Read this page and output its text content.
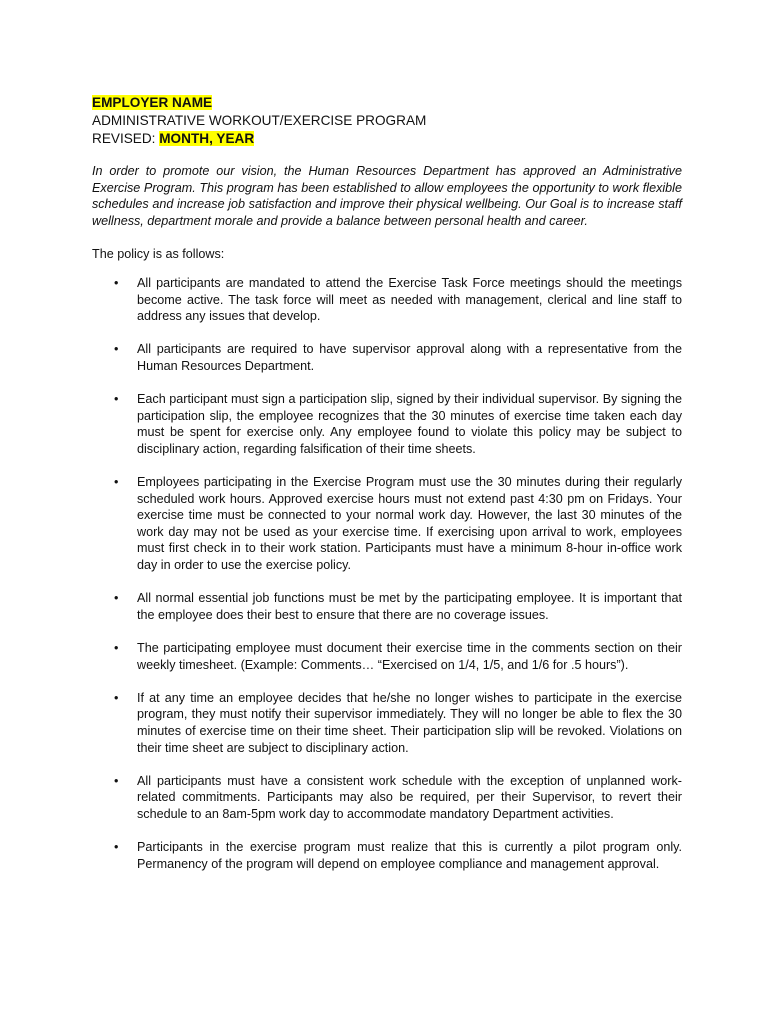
EMPLOYER NAME

ADMINISTRATIVE WORKOUT/EXERCISE PROGRAM

REVISED: MONTH, YEAR

In order to promote our vision, the Human Resources Department has approved an Administrative Exercise Program. This program has been established to allow employees the opportunity to work flexible schedules and increase job satisfaction and improve their physical wellbeing. Our Goal is to increase staff wellness, department morale and provide a balance between personal health and career.

The policy is as follows:

• All participants are mandated to attend the Exercise Task Force meetings should the meetings become active. The task force will meet as needed with management, clerical and line staff to address any issues that develop.
• All participants are required to have supervisor approval along with a representative from the Human Resources Department.
• Each participant must sign a participation slip, signed by their individual supervisor. By signing the participation slip, the employee recognizes that the 30 minutes of exercise time taken each day must be spent for exercise only. Any employee found to violate this policy may be subject to disciplinary action, regarding falsification of their time sheets.
• Employees participating in the Exercise Program must use the 30 minutes during their regularly scheduled work hours. Approved exercise hours must not extend past 4:30 pm on Fridays. Your exercise time must be connected to your normal work day. However, the last 30 minutes of the work day may not be used as your exercise time. If exercising upon arrival to work, employees must first check in to their work station. Participants must have a minimum 8-hour in-office work day in order to use the exercise policy.
• All normal essential job functions must be met by the participating employee. It is important that the employee does their best to ensure that there are no coverage issues.
• The participating employee must document their exercise time in the comments section on their weekly timesheet. (Example: Comments… “Exercised on 1/4, 1/5, and 1/6 for .5 hours”).
• If at any time an employee decides that he/she no longer wishes to participate in the exercise program, they must notify their supervisor immediately. They will no longer be able to flex the 30 minutes of exercise time on their time sheet. Their participation slip will be revoked. Violations on their time sheet are subject to disciplinary action.
• All participants must have a consistent work schedule with the exception of unplanned work-related commitments. Participants may also be required, per their Supervisor, to revert their schedule to an 8am-5pm work day to accommodate mandatory Department activities.
• Participants in the exercise program must realize that this is currently a pilot program only. Permanency of the program will depend on employee compliance and management approval.
